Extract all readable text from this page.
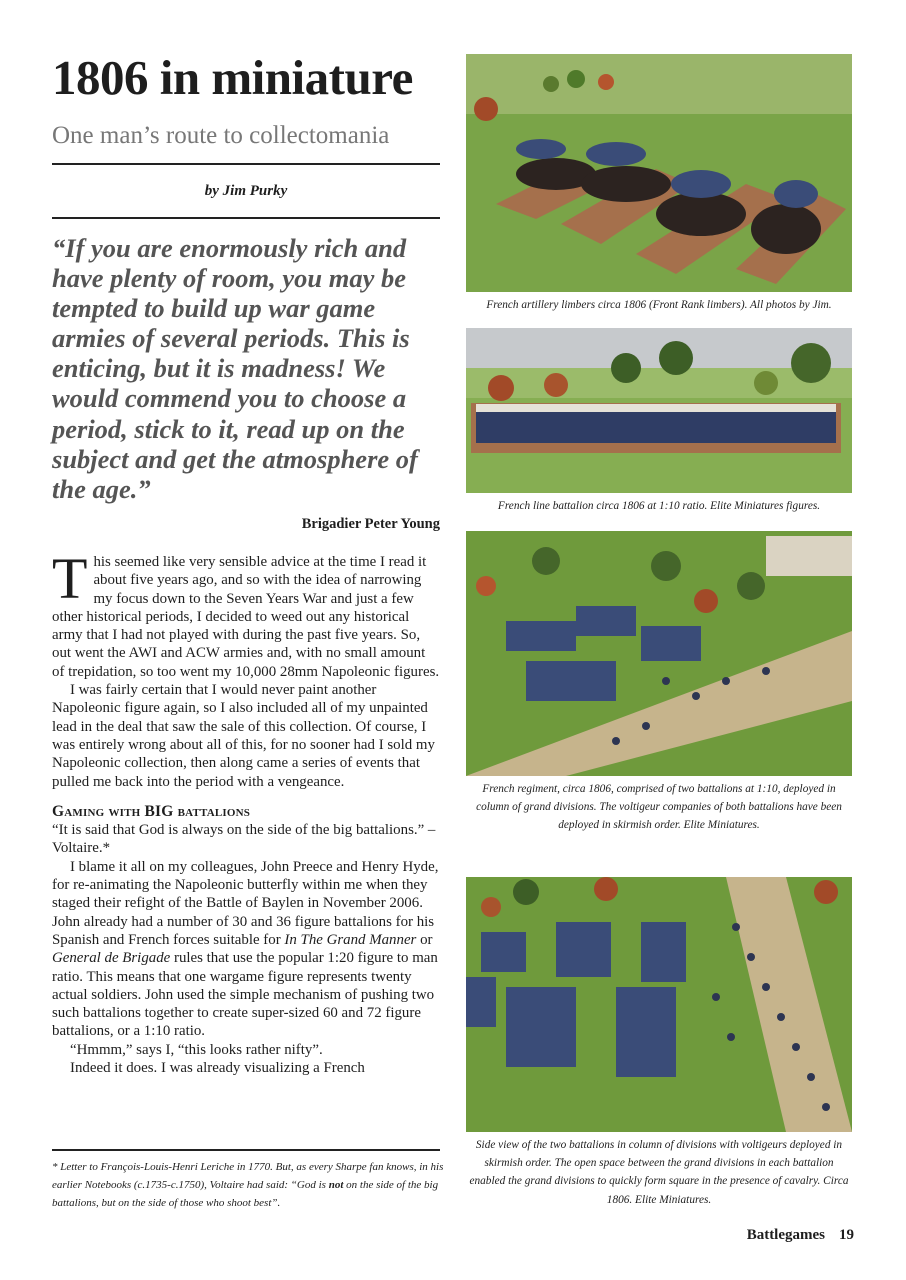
1806 in miniature
One man’s route to collectomania
by Jim Purky
“If you are enormously rich and have plenty of room, you may be tempted to build up war game armies of several periods. This is enticing, but it is madness! We would commend you to choose a period, stick to it, read up on the subject and get the atmosphere of the age.”
Brigadier Peter Young

This seemed like very sensible advice at the time I read it about five years ago, and so with the idea of narrowing my focus down to the Seven Years War and just a few other historical periods, I decided to weed out any historical army that I had not played with during the past five years. So, out went the AWI and ACW armies and, with no small amount of trepidation, so too went my 10,000 28mm Napoleonic figures.

I was fairly certain that I would never paint another Napoleonic figure again, so I also included all of my unpainted lead in the deal that saw the sale of this collection. Of course, I was entirely wrong about all of this, for no sooner had I sold my Napoleonic collection, then along came a series of events that pulled me back into the period with a vengeance.

Gaming with BIG battalions

“It is said that God is always on the side of the big battalions.” – Voltaire.*

I blame it all on my colleagues, John Preece and Henry Hyde, for re-animating the Napoleonic butterfly within me when they staged their refight of the Battle of Baylen in November 2006. John already had a number of 30 and 36 figure battalions for his Spanish and French forces suitable for In The Grand Manner or General de Brigade rules that use the popular 1:20 figure to man ratio. This means that one wargame figure represents twenty actual soldiers. John used the simple mechanism of pushing two such battalions together to create super-sized 60 and 72 figure battalions, or a 1:10 ratio.

“Hmmm,” says I, “this looks rather nifty”.

Indeed it does. I was already visualizing a French

* Letter to François-Louis-Henri Leriche in 1770. But, as every Sharpe fan knows, in his earlier Notebooks (c.1735-c.1750), Voltaire had said: “God is not on the side of the big battalions, but on the side of those who shoot best”.
French artillery limbers circa 1806 (Front Rank limbers). All photos by Jim.
French line battalion circa 1806 at 1:10 ratio. Elite Miniatures figures.
French regiment, circa 1806, comprised of two battalions at 1:10, deployed in column of grand divisions. The voltigeur companies of both battalions have been deployed in skirmish order. Elite Miniatures.
Side view of the two battalions in column of divisions with voltigeurs deployed in skirmish order. The open space between the grand divisions in each battalion enabled the grand divisions to quickly form square in the presence of cavalry. Circa 1806. Elite Miniatures.
Battlegames 19
